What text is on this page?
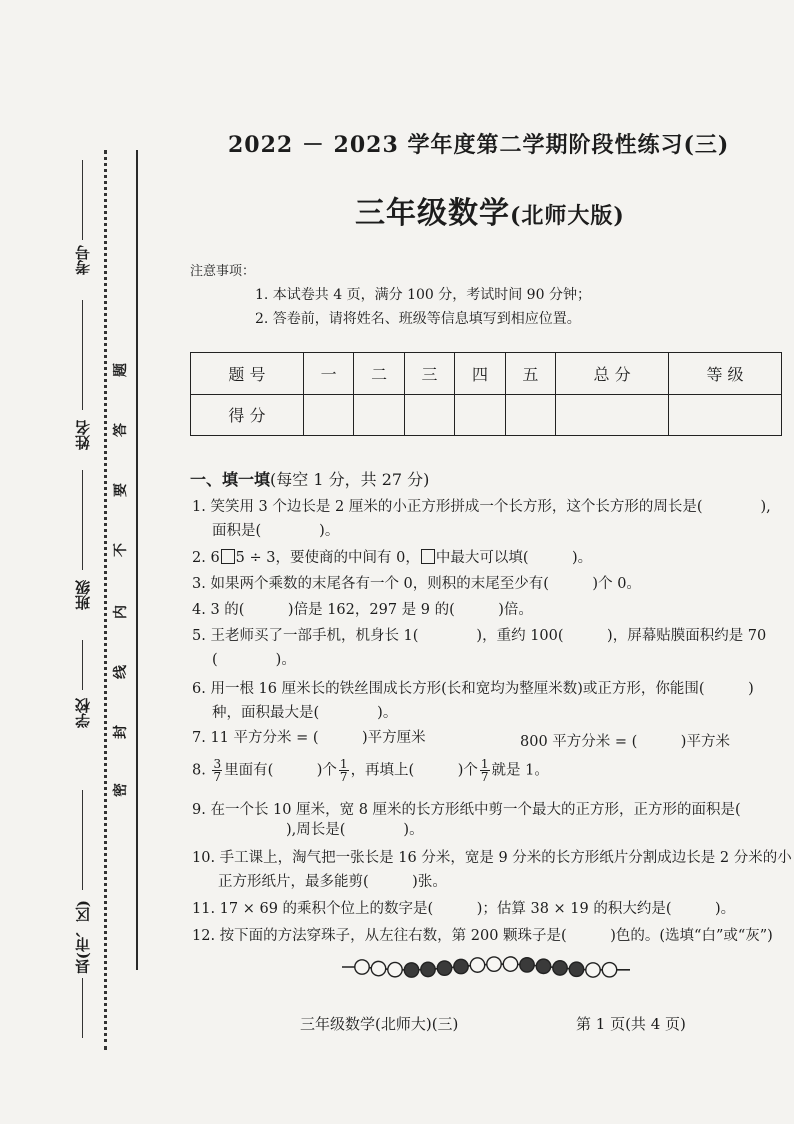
考号
姓名
班级
学校
县(市、区)
密
封
线
内
不
要
答
题
2022 － 2023 学年度第二学期阶段性练习(三)
三年级数学(北师大版)
注意事项：
1. 本试卷共 4 页，满分 100 分，考试时间 90 分钟；
2. 答卷前，请将姓名、班级等信息填写到相应位置。
题 号	一	二	三	四	五	总 分	等 级
得 分							
一、填一填(每空 1 分，共 27 分)
1. 笑笑用 3 个边长是 2 厘米的小正方形拼成一个长方形，这个长方形的周长是(　　　　),
面积是(　　　　)。
2. 6 5 ÷ 3，要使商的中间有 0， 中最大可以填(　　　)。
3. 如果两个乘数的末尾各有一个 0，则积的末尾至少有(　　　)个 0。
4. 3 的(　　　)倍是 162，297 是 9 的(　　　)倍。
5. 王老师买了一部手机，机身长 1(　　　　)，重约 100(　　　)，屏幕贴膜面积约是 70
(　　　　)。
6. 用一根 16 厘米长的铁丝围成长方形(长和宽均为整厘米数)或正方形，你能围(　　　)
种，面积最大是(　　　　)。
7. 11 平方分米 = (　　　)平方厘米	800 平方分米 = (　　　)平方米
8. $\frac{3}{7}$ 里面有(　　　)个 $\frac{1}{7}$ ，再填上(　　　)个 $\frac{1}{7}$ 就是 1。
9. 在一个长 10 厘米，宽 8 厘米的长方形纸中剪一个最大的正方形，正方形的面积是(
),周长是(　　　　)。
10. 手工课上，淘气把一张长是 16 分米，宽是 9 分米的长方形纸片分割成边长是 2 分米的小
正方形纸片，最多能剪(　　　)张。
11. 17 × 69 的乘积个位上的数字是(　　　)；估算 38 × 19 的积大约是(　　　)。
12. 按下面的方法穿珠子，从左往右数，第 200 颗珠子是(　　　)色的。(选填“白”或“灰”)
三年级数学(北师大)(三)	第 1 页(共 4 页)
